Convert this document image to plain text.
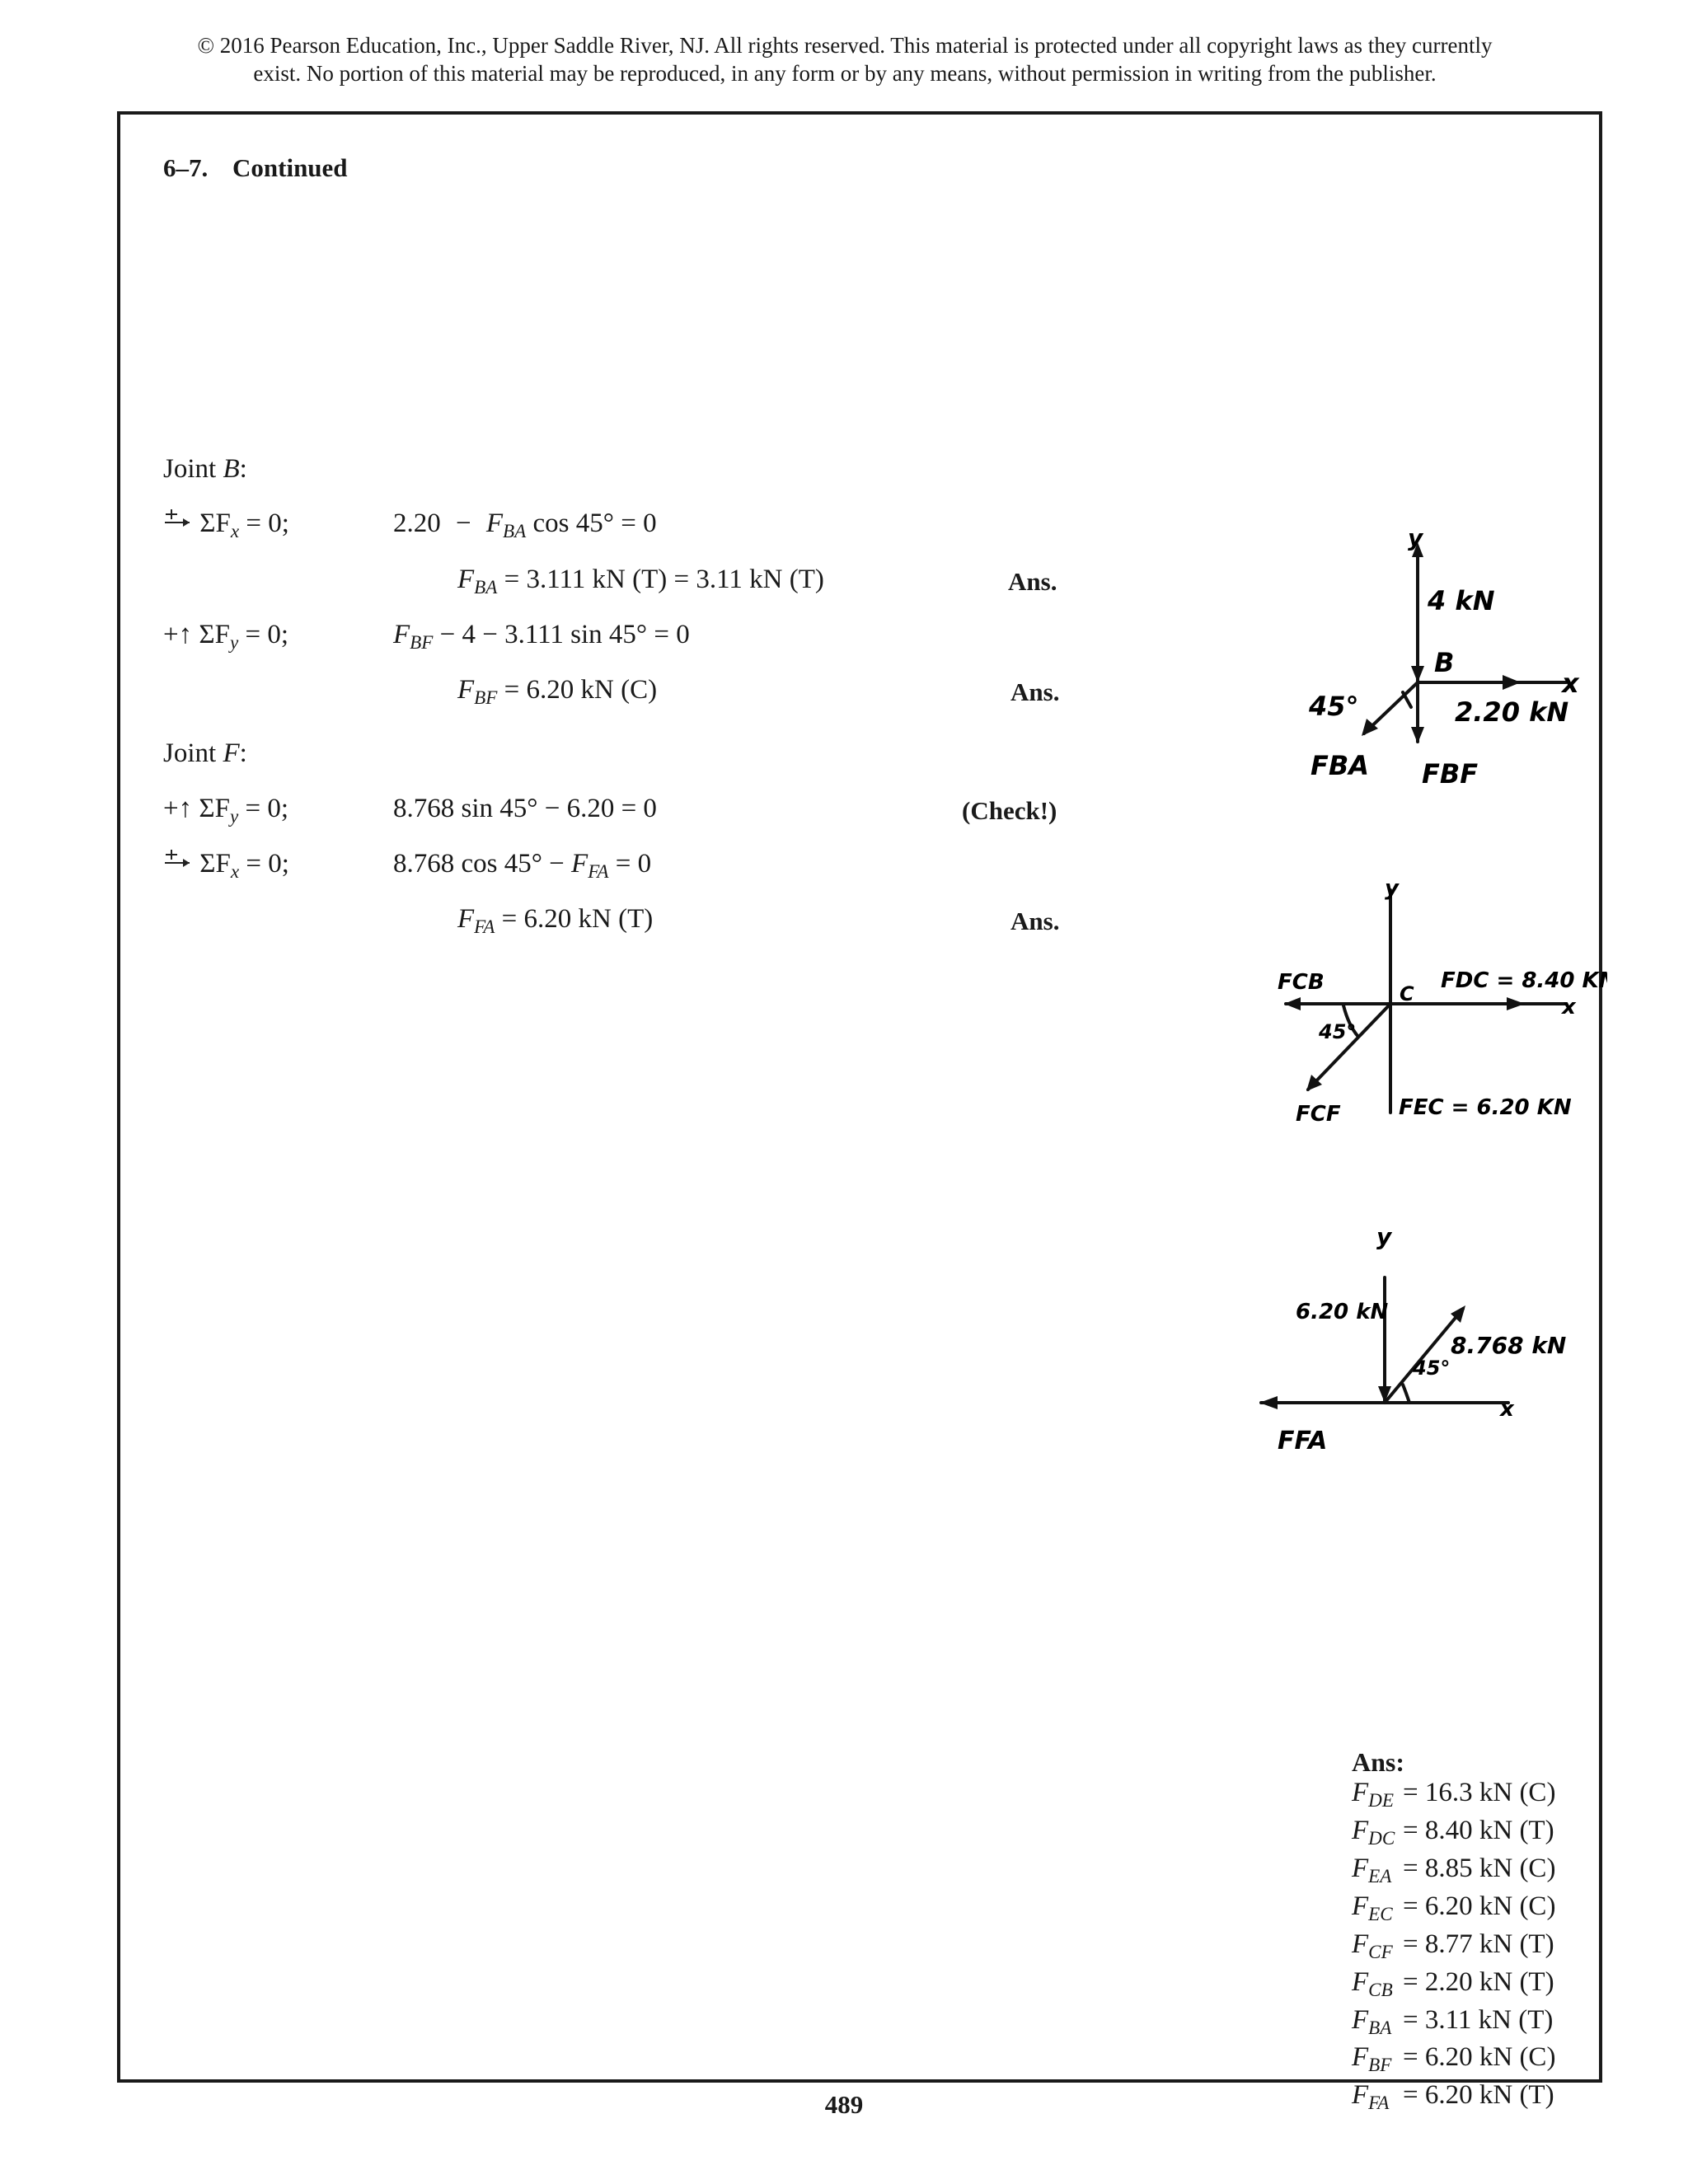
© 2016 Pearson Education, Inc., Upper Saddle River, NJ. All rights reserved. This material is protected under all copyright laws as they currently
exist. No portion of this material may be reproduced, in any form or by any means, without permission in writing from the publisher.
6–7. Continued
Joint B:
$\Sigma F_x = 0$;	$2.20 - F_{BA}$ cos 45° = 0
$F_{BA} = 3.111$ kN (T) = 3.11 kN (T)	Ans.
+↑ $\Sigma F_y = 0$;	$F_{BF} - 4 - 3.111$ sin 45° = 0
$F_{BF} = 6.20$ kN (C)	Ans.
Joint F:
+↑ $\Sigma F_y = 0$;	8.768 sin 45° − 6.20 = 0	(Check!)
$\Sigma F_x = 0$;	8.768 $\cos 45^\circ - F_{FA} = 0$
$F_{FA} = 6.20$ kN (T)	Ans.
y
4 kN
B
x
45°	2.20 kN
FBA FBF
y
FCB	C
FDC = 8.40 KN
x
45°
FCF	FEC = 6.20 KN
y
6.20 kN
8.768 kN
45°
x
FFA
Ans:
$F_{DE} = 16.3$ kN (C)
$F_{DC} = 8.40$ kN (T)
$F_{EA} = 8.85$ kN (C)
$F_{EC} = 6.20$ kN (C)
$F_{CF} = 8.77$ kN (T)
$F_{CB} = 2.20$ kN (T)
$F_{BA} = 3.11$ kN (T)
$F_{BF} = 6.20$ kN (C)
$F_{FA} = 6.20$ kN (T)
489
